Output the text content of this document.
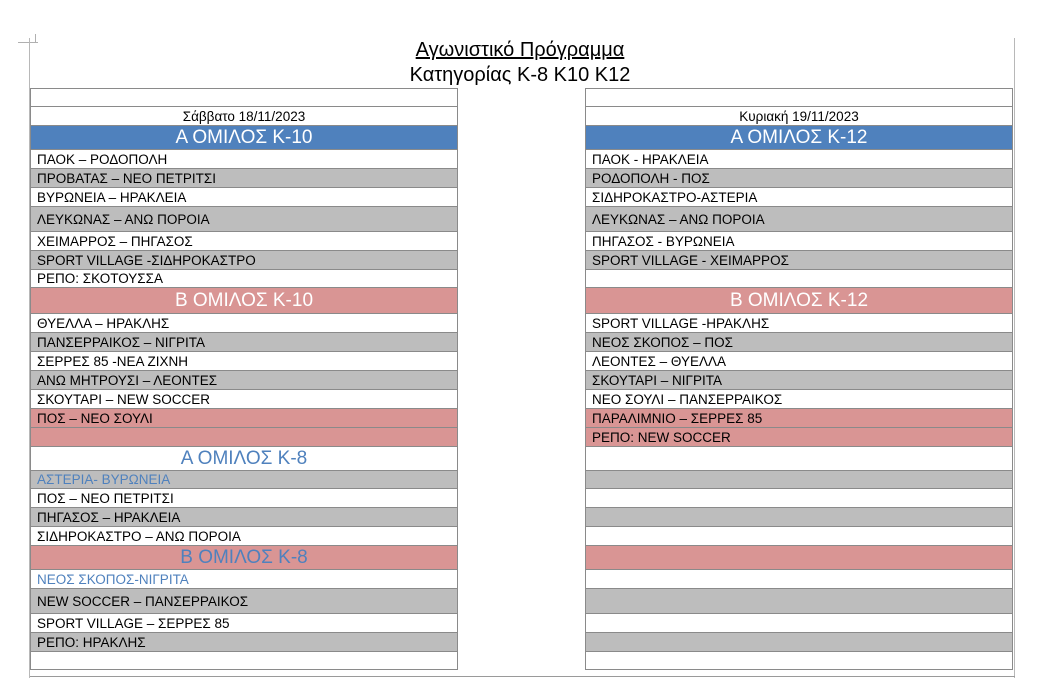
Αγωνιστικό Πρόγραμμα
Κατηγορίας Κ-8 Κ10 Κ12
Σάββατο 18/11/2023
Α ΟΜΙΛΟΣ Κ-10
ΠΑΟΚ – ΡΟΔΟΠΟΛΗ
ΠΡΟΒΑΤΑΣ – ΝΕΟ ΠΕΤΡΙΤΣΙ
ΒΥΡΩΝΕΙΑ – ΗΡΑΚΛΕΙΑ
ΛΕΥΚΩΝΑΣ – ΑΝΩ ΠΟΡΟΙΑ
ΧΕΙΜΑΡΡΟΣ – ΠΗΓΑΣΟΣ
SPORT VILLAGE -ΣΙΔΗΡΟΚΑΣΤΡΟ
ΡΕΠΟ: ΣΚΟΤΟΥΣΣΑ
Β ΟΜΙΛΟΣ Κ-10
ΘΥΕΛΛΑ – ΗΡΑΚΛΗΣ
ΠΑΝΣΕΡΡΑΙΚΟΣ – ΝΙΓΡΙΤΑ
ΣΕΡΡΕΣ 85 -ΝΕΑ ΖΙΧΝΗ
ΑΝΩ ΜΗΤΡΟΥΣΙ – ΛΕΟΝΤΕΣ
ΣΚΟΥΤΑΡΙ – NEW SOCCER
ΠΟΣ – ΝΕΟ ΣΟΥΛΙ
Α ΟΜΙΛΟΣ Κ-8
ΑΣΤΕΡΙΑ- ΒΥΡΩΝΕΙΑ
ΠΟΣ – ΝΕΟ ΠΕΤΡΙΤΣΙ
ΠΗΓΑΣΟΣ – ΗΡΑΚΛΕΙΑ
ΣΙΔΗΡΟΚΑΣΤΡΟ – ΑΝΩ ΠΟΡΟΙΑ
Β ΟΜΙΛΟΣ Κ-8
ΝΕΟΣ ΣΚΟΠΟΣ-ΝΙΓΡΙΤΑ
NEW SOCCER – ΠΑΝΣΕΡΡΑΙΚΟΣ
SPORT VILLAGE – ΣΕΡΡΕΣ 85
ΡΕΠΟ: ΗΡΑΚΛΗΣ
Κυριακή 19/11/2023
Α ΟΜΙΛΟΣ Κ-12
ΠΑΟΚ - ΗΡΑΚΛΕΙΑ
ΡΟΔΟΠΟΛΗ - ΠΟΣ
ΣΙΔΗΡΟΚΑΣΤΡΟ-ΑΣΤΕΡΙΑ
ΛΕΥΚΩΝΑΣ – ΑΝΩ ΠΟΡΟΙΑ
ΠΗΓΑΣΟΣ - ΒΥΡΩΝΕΙΑ
SPORT VILLAGE - ΧΕΙΜΑΡΡΟΣ
Β ΟΜΙΛΟΣ Κ-12
SPORT VILLAGE -ΗΡΑΚΛΗΣ
ΝΕΟΣ ΣΚΟΠΟΣ – ΠΟΣ
ΛΕΟΝΤΕΣ – ΘΥΕΛΛΑ
ΣΚΟΥΤΑΡΙ – ΝΙΓΡΙΤΑ
ΝΕΟ ΣΟΥΛΙ – ΠΑΝΣΕΡΡΑΙΚΟΣ
ΠΑΡΑΛΙΜΝΙΟ – ΣΕΡΡΕΣ 85
ΡΕΠΟ: NEW SOCCER
